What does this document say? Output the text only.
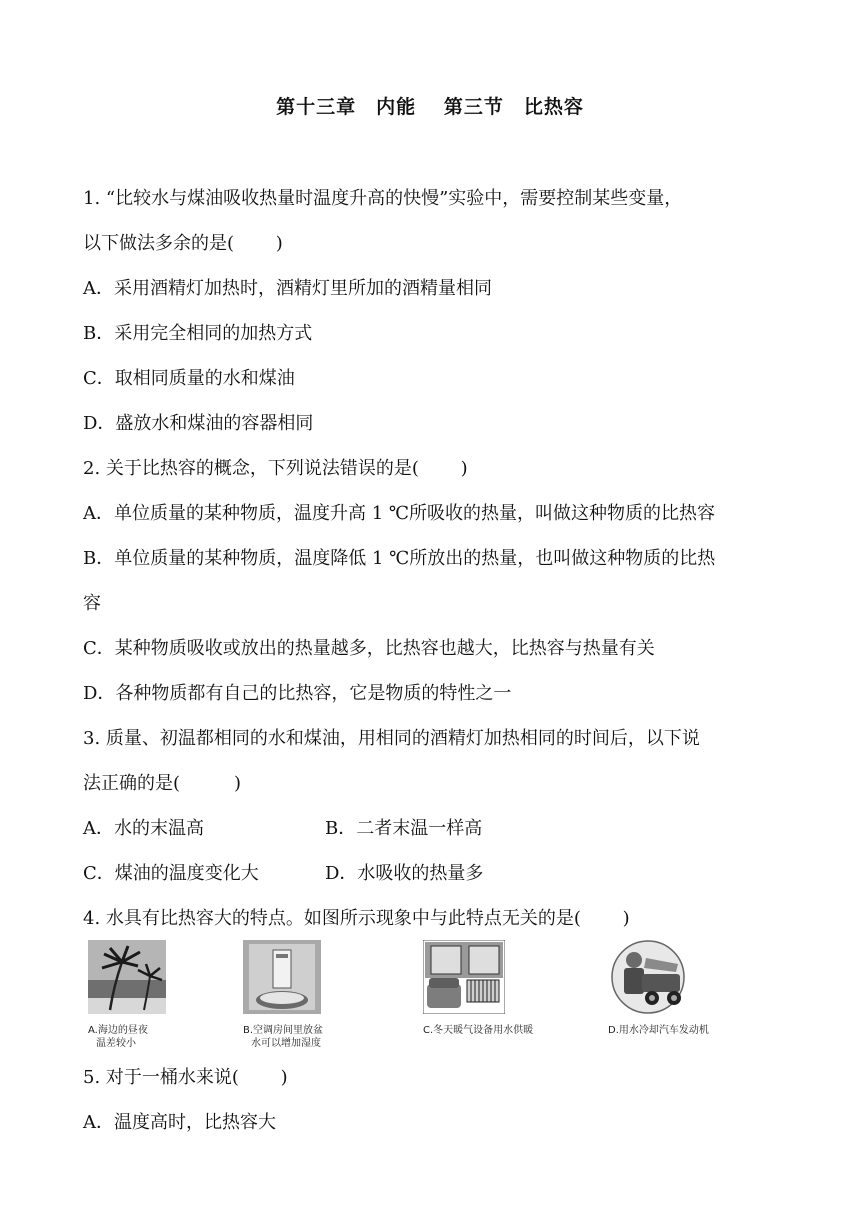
第十三章　内能 第三节　比热容
1. “比较水与煤油吸收热量时温度升高的快慢”实验中，需要控制某些变量，
以下做法多余的是(　　 )
A．采用酒精灯加热时，酒精灯里所加的酒精量相同
B．采用完全相同的加热方式
C．取相同质量的水和煤油
D．盛放水和煤油的容器相同
2. 关于比热容的概念，下列说法错误的是(　　 )
A．单位质量的某种物质，温度升高 1 ℃所吸收的热量，叫做这种物质的比热容
B．单位质量的某种物质，温度降低 1 ℃所放出的热量，也叫做这种物质的比热
容
C．某种物质吸收或放出的热量越多，比热容也越大，比热容与热量有关
D．各种物质都有自己的比热容，它是物质的特性之一
3. 质量、初温都相同的水和煤油，用相同的酒精灯加热相同的时间后，以下说
法正确的是(　　　)
A．水的末温高	B．二者末温一样高
C．煤油的温度变化大	D．水吸收的热量多
4. 水具有比热容大的特点。如图所示现象中与此特点无关的是(　　 )
A.海边的昼夜
温差较小
B.空调房间里放盆
水可以增加湿度
C.冬天暖气设备用水供暖	D.用水冷却汽车发动机
5. 对于一桶水来说(　　 )
A．温度高时，比热容大
